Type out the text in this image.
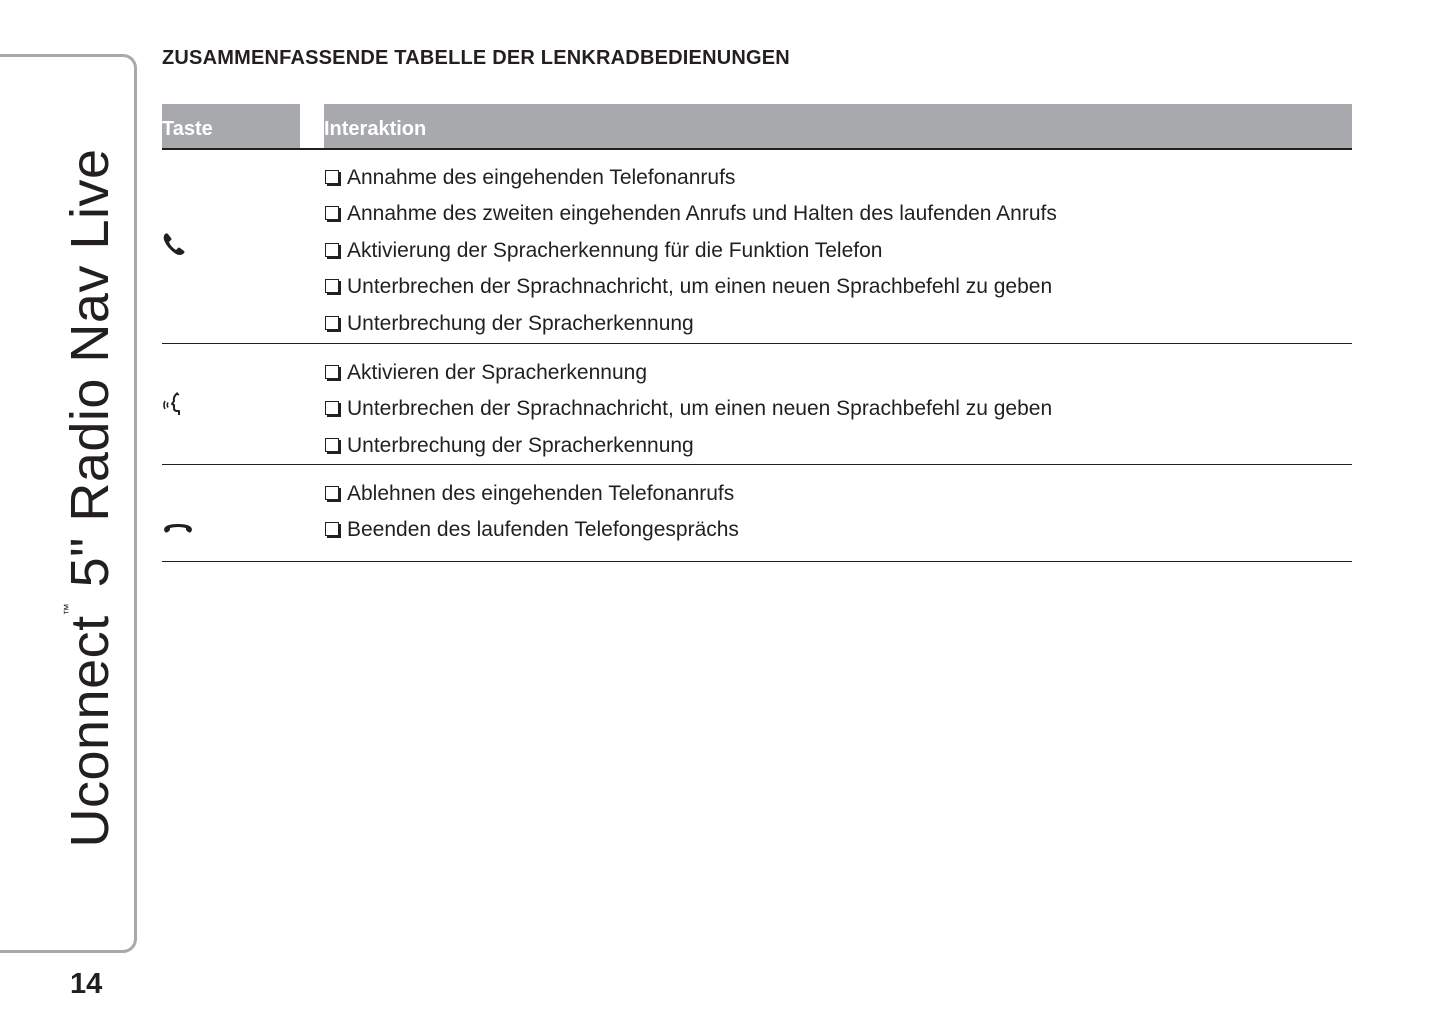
Uconnect™ 5" Radio Nav Live
14
ZUSAMMENFASSENDE TABELLE DER LENKRADBEDIENUNGEN
Taste	Interaktion
Annahme des eingehenden Telefonanrufs
Annahme des zweiten eingehenden Anrufs und Halten des laufenden Anrufs
Aktivierung der Spracherkennung für die Funktion Telefon
Unterbrechen der Sprachnachricht, um einen neuen Sprachbefehl zu geben
Unterbrechung der Spracherkennung
Aktivieren der Spracherkennung
Unterbrechen der Sprachnachricht, um einen neuen Sprachbefehl zu geben
Unterbrechung der Spracherkennung
Ablehnen des eingehenden Telefonanrufs
Beenden des laufenden Telefongesprächs
